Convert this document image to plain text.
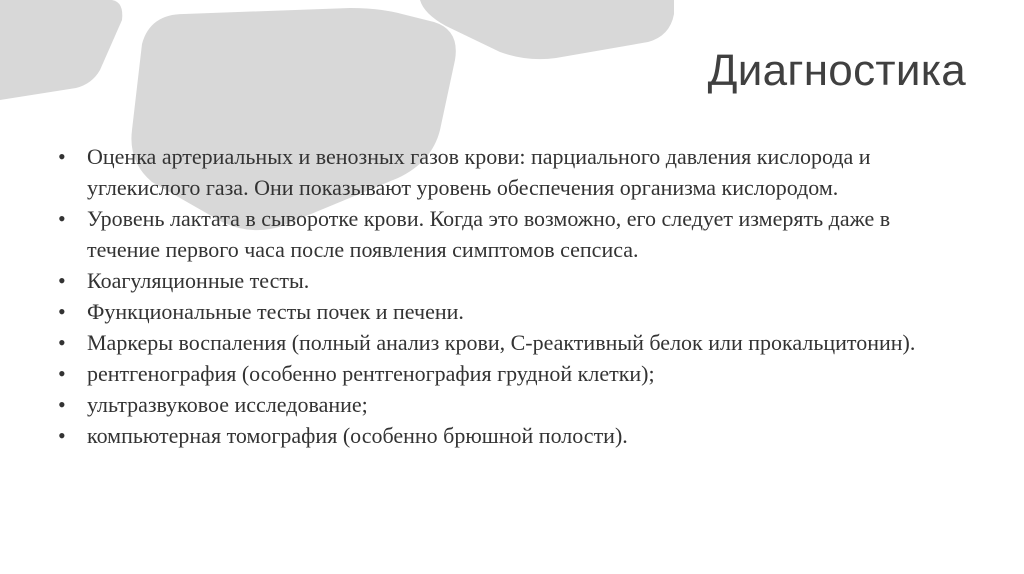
Диагностика
• Оценка артериальных и венозных газов крови: парциального давления кислорода и углекислого газа. Они показывают уровень обеспечения организма кислородом.
• Уровень лактата в сыворотке крови. Когда это возможно, его следует измерять даже в течение первого часа после появления симптомов сепсиса.
• Коагуляционные тесты.
• Функциональные тесты почек и печени.
• Маркеры воспаления (полный анализ крови, С-реактивный белок или прокальцитонин).
• рентгенография (особенно рентгенография грудной клетки);
• ультразвуковое исследование;
• компьютерная томография (особенно брюшной полости).
